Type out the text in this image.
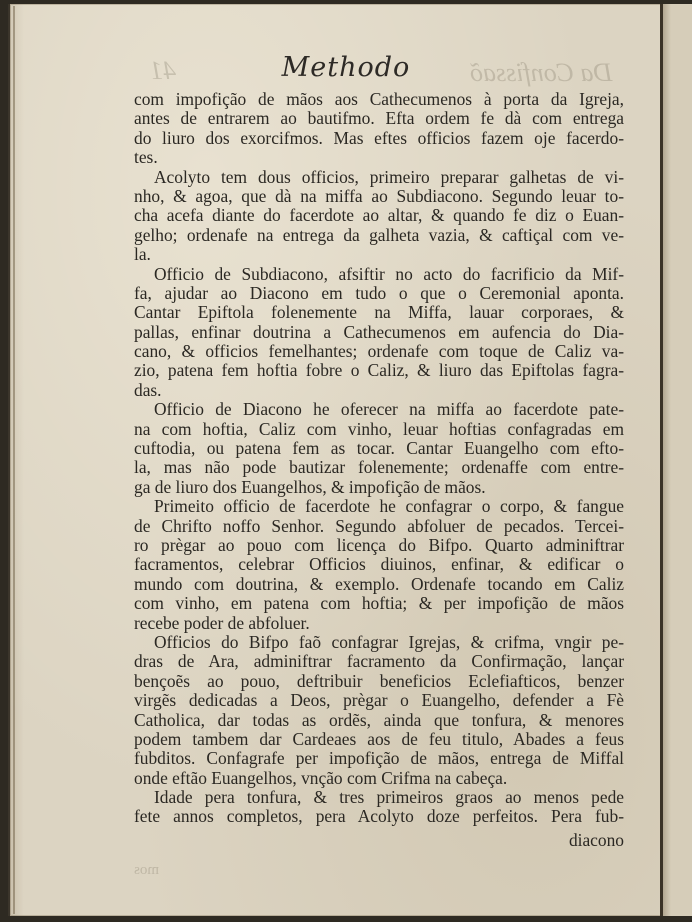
41	Da Confissaõ
Methodo
com impofição de mãos aos Cathecumenos à porta da Igreja,
antes de entrarem ao bautifmo. Efta ordem fe dà com entrega
do liuro dos exorcifmos. Mas eftes officios fazem oje facerdo-
tes.
Acolyto tem dous officios, primeiro preparar galhetas de vi-
nho, & agoa, que dà na miffa ao Subdiacono. Segundo leuar to-
cha acefa diante do facerdote ao altar, & quando fe diz o Euan-
gelho; ordenafe na entrega da galheta vazia, & caftiçal com ve-
la.
Officio de Subdiacono, afsiftir no acto do facrificio da Mif-
fa, ajudar ao Diacono em tudo o que o Ceremonial aponta.
Cantar Epiftola folenemente na Miffa, lauar corporaes, &
pallas, enfinar doutrina a Cathecumenos em aufencia do Dia-
cano, & officios femelhantes; ordenafe com toque de Caliz va-
zio, patena fem hoftia fobre o Caliz, & liuro das Epiftolas fagra-
das.
Officio de Diacono he oferecer na miffa ao facerdote pate-
na com hoftia, Caliz com vinho, leuar hoftias confagradas em
cuftodia, ou patena fem as tocar. Cantar Euangelho com efto-
la, mas não pode bautizar folenemente; ordenaffe com entre-
ga de liuro dos Euangelhos, & impofição de mãos.
Primeito officio de facerdote he confagrar o corpo, & fangue
de Chrifto noffo Senhor. Segundo abfoluer de pecados. Tercei-
ro prègar ao pouo com licença do Bifpo. Quarto adminiftrar
facramentos, celebrar Officios diuinos, enfinar, & edificar o
mundo com doutrina, & exemplo. Ordenafe tocando em Caliz
com vinho, em patena com hoftia; & per impofição de mãos
recebe poder de abfoluer.
Officios do Bifpo faõ confagrar Igrejas, & crifma, vngir pe-
dras de Ara, adminiftrar facramento da Confirmação, lançar
bençoẽs ao pouo, deftribuir beneficios Eclefiafticos, benzer
virgẽs dedicadas a Deos, prègar o Euangelho, defender a Fè
Catholica, dar todas as ordẽs, ainda que tonfura, & menores
podem tambem dar Cardeaes aos de feu titulo, Abades a feus
fubditos. Confagrafe per impofição de mãos, entrega de Miffal
onde eftão Euangelhos, vnção com Crifma na cabeça.
Idade pera tonfura, & tres primeiros graos ao menos pede
fete annos completos, pera Acolyto doze perfeitos. Pera fub-
diacono
mos
